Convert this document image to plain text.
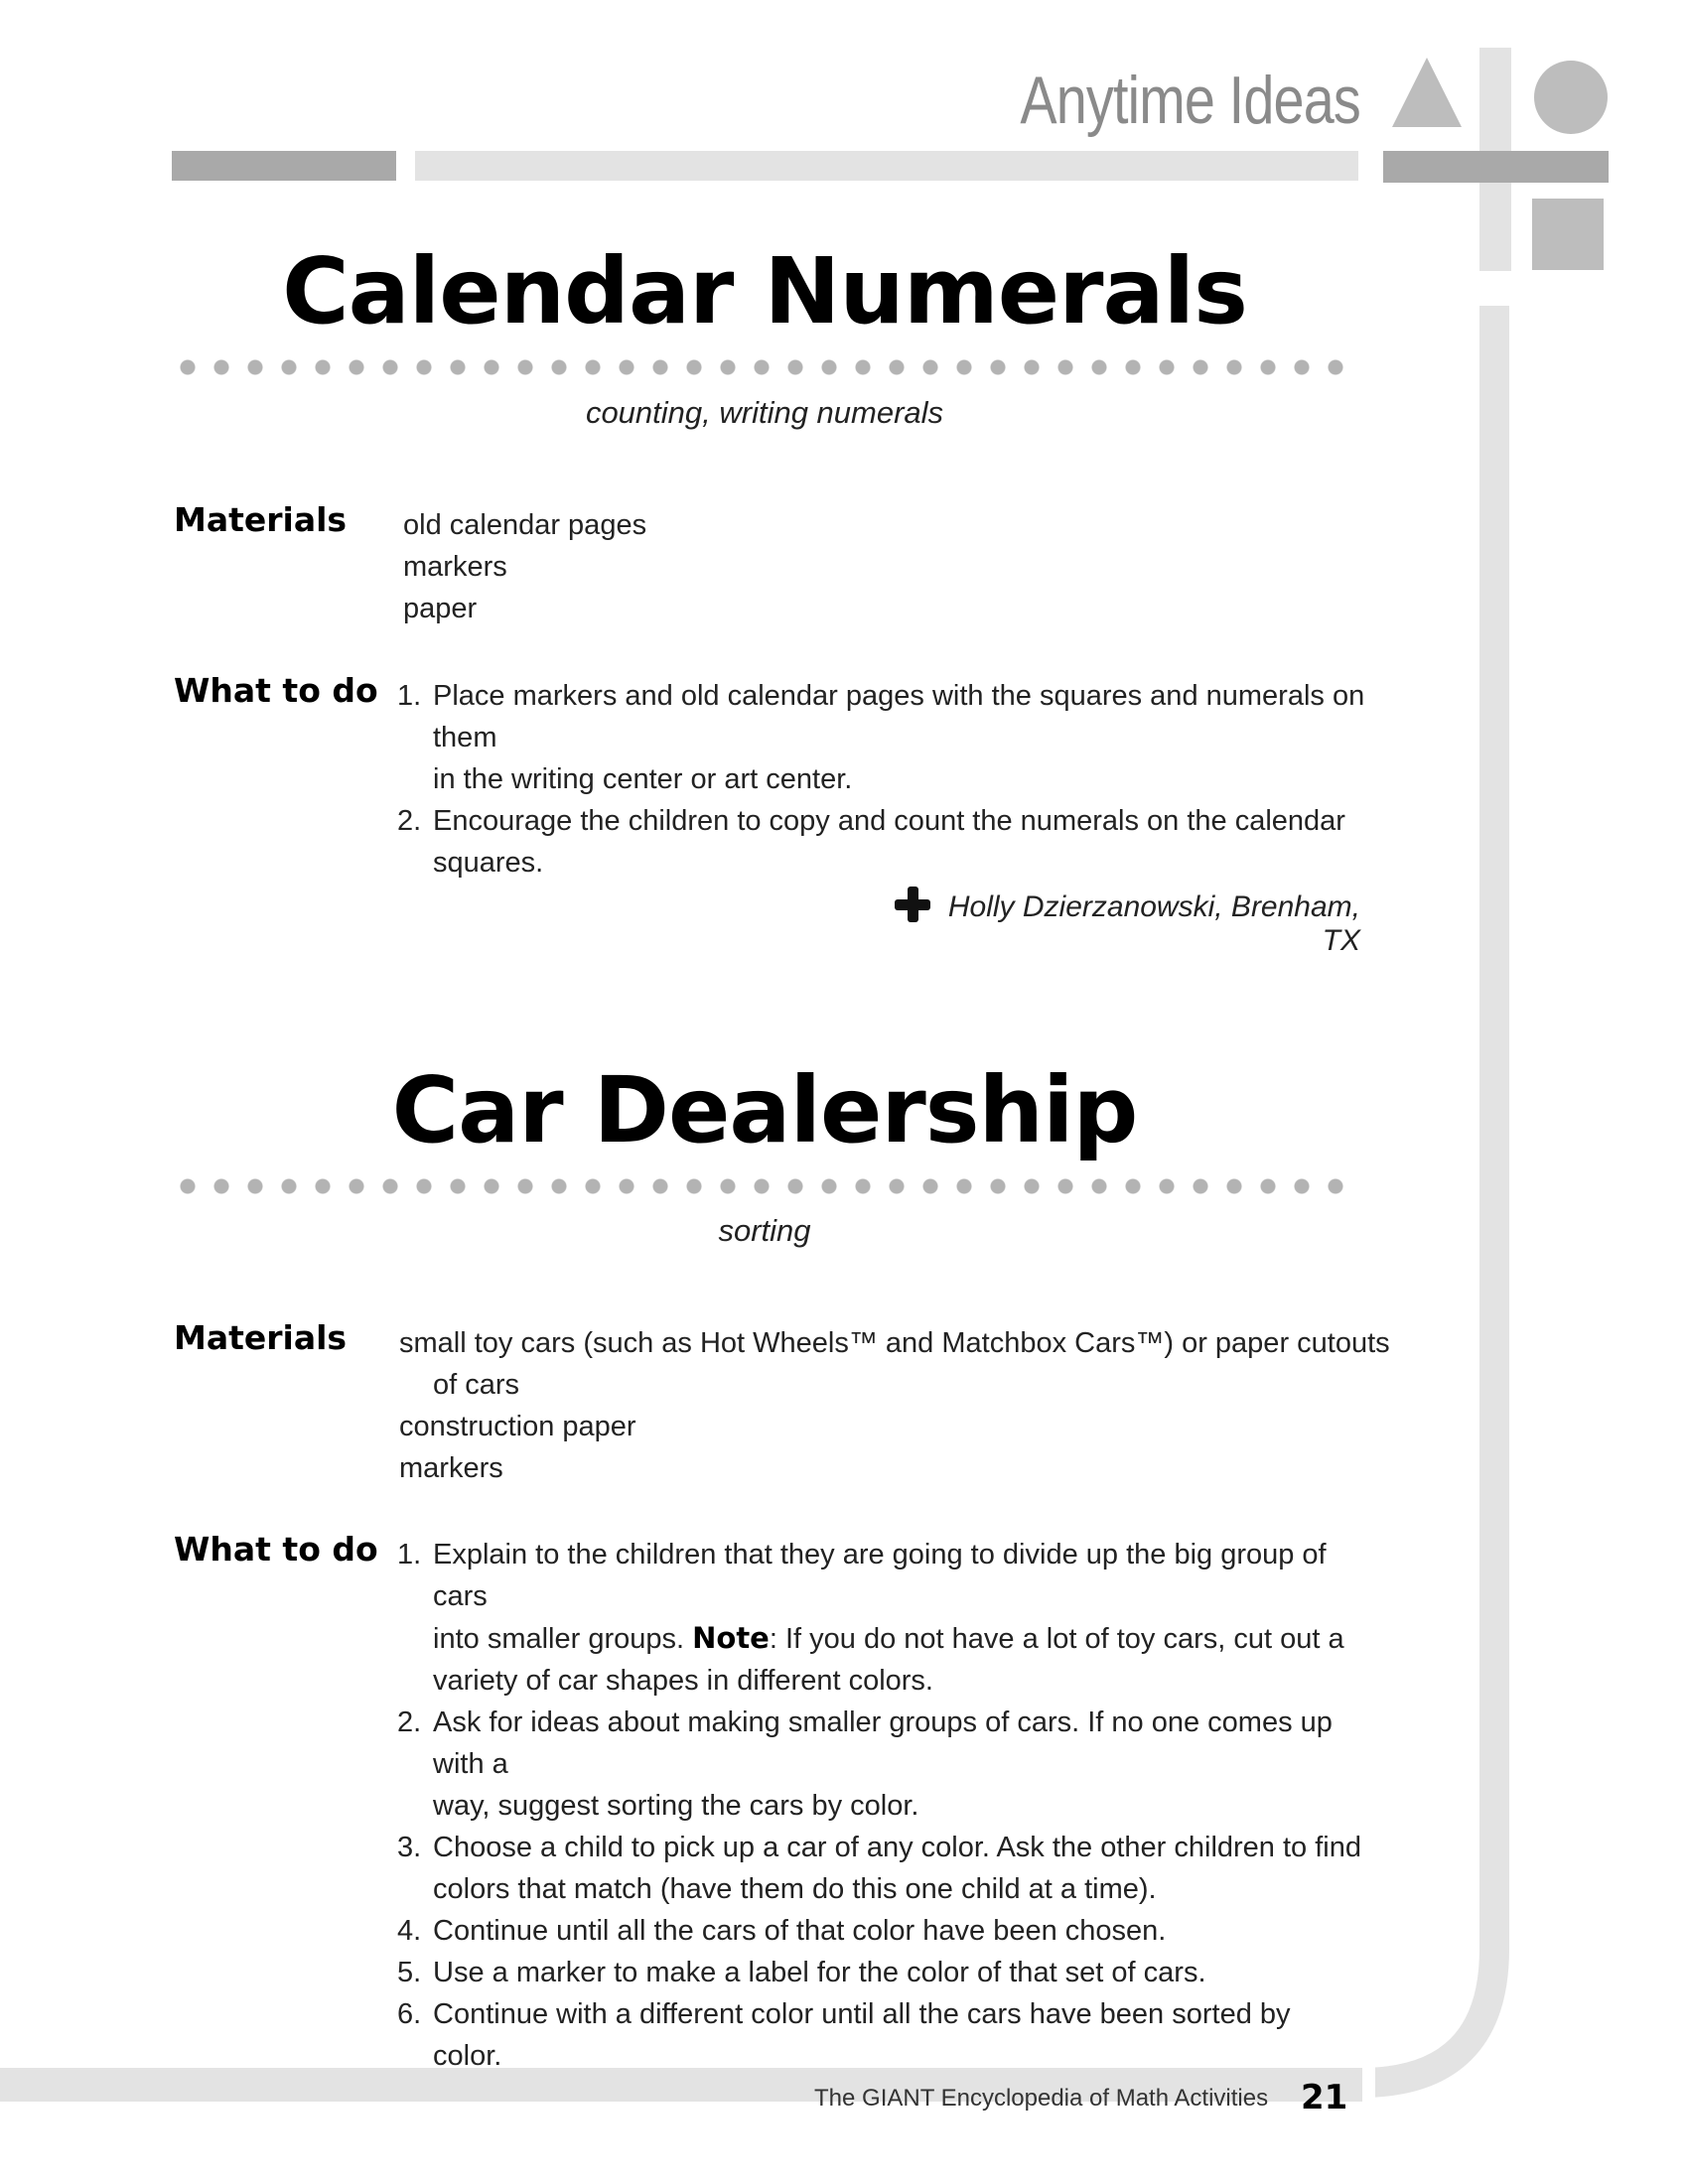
Anytime Ideas
The GIANT Encyclopedia of Math Activities 21
Calendar Numerals
counting, writing numerals
Materials old calendar pages
markers
paper
What to do 1. Place markers and old calendar pages with the squares and numerals on them
in the writing center or art center.
2. Encourage the children to copy and count the numerals on the calendar
squares.
Holly Dzierzanowski, Brenham, TX
Car Dealership
sorting
Materials small toy cars (such as Hot Wheels™ and Matchbox Cars™) or paper cutouts
of cars
construction paper
markers
What to do 1. Explain to the children that they are going to divide up the big group of cars
into smaller groups. Note: If you do not have a lot of toy cars, cut out a
variety of car shapes in different colors.
2. Ask for ideas about making smaller groups of cars. If no one comes up with a
way, suggest sorting the cars by color.
3. Choose a child to pick up a car of any color. Ask the other children to find
colors that match (have them do this one child at a time).
4. Continue until all the cars of that color have been chosen.
5. Use a marker to make a label for the color of that set of cars.
6. Continue with a different color until all the cars have been sorted by color.
